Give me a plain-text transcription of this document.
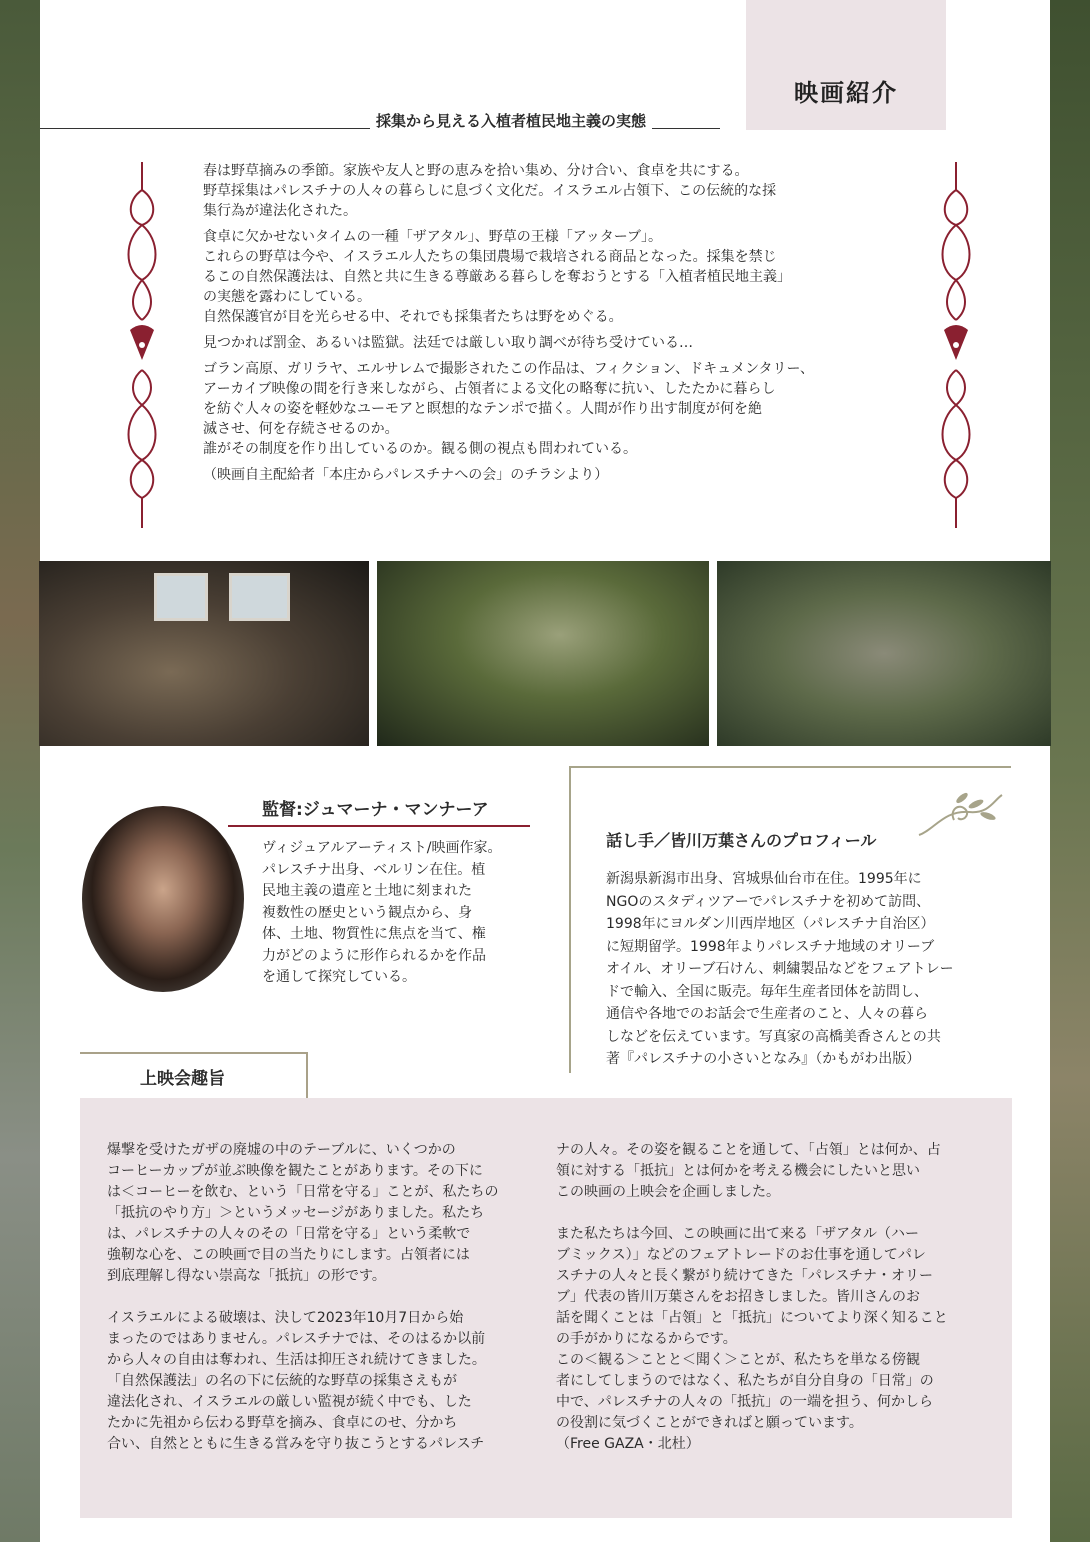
映画紹介
採集から見える入植者植民地主義の実態

春は野草摘みの季節。家族や友人と野の恵みを拾い集め、分け合い、食卓を共にする。
野草採集はパレスチナの人々の暮らしに息づく文化だ。イスラエル占領下、この伝統的な採
集行為が違法化された。

食卓に欠かせないタイムの一種「ザアタル」、野草の王様「アッターブ」。
これらの野草は今や、イスラエル人たちの集団農場で栽培される商品となった。採集を禁じ
るこの自然保護法は、自然と共に生きる尊厳ある暮らしを奪おうとする「入植者植民地主義」
の実態を露わにしている。
自然保護官が目を光らせる中、それでも採集者たちは野をめぐる。

見つかれば罰金、あるいは監獄。法廷では厳しい取り調べが待ち受けている…

ゴラン高原、ガリラヤ、エルサレムで撮影されたこの作品は、フィクション、ドキュメンタリー、
アーカイブ映像の間を行き来しながら、占領者による文化の略奪に抗い、したたかに暮らし
を紡ぐ人々の姿を軽妙なユーモアと瞑想的なテンポで描く。人間が作り出す制度が何を絶
滅させ、何を存続させるのか。
誰がその制度を作り出しているのか。観る側の視点も問われている。

（映画自主配給者「本庄からパレスチナへの会」のチラシより）

監督:ジュマーナ・マンナーア
ヴィジュアルアーティスト/映画作家。
パレスチナ出身、ベルリン在住。植
民地主義の遺産と土地に刻まれた
複数性の歴史という観点から、身
体、土地、物質性に焦点を当て、権
力がどのように形作られるかを作品
を通して探究している。
話し手／皆川万葉さんのプロフィール
新潟県新潟市出身、宮城県仙台市在住。1995年に
NGOのスタディツアーでパレスチナを初めて訪問、
1998年にヨルダン川西岸地区（パレスチナ自治区）
に短期留学。1998年よりパレスチナ地域のオリーブ
オイル、オリーブ石けん、刺繍製品などをフェアトレー
ドで輸入、全国に販売。毎年生産者団体を訪問し、
通信や各地でのお話会で生産者のこと、人々の暮ら
しなどを伝えています。写真家の高橋美香さんとの共
著『パレスチナの小さいとなみ』（かもがわ出版）
上映会趣旨

爆撃を受けたガザの廃墟の中のテーブルに、いくつかの
コーヒーカップが並ぶ映像を観たことがあります。その下に
は＜コーヒーを飲む、という「日常を守る」ことが、私たちの
「抵抗のやり方」＞というメッセージがありました。私たち
は、パレスチナの人々のその「日常を守る」という柔軟で
強靭な心を、この映画で目の当たりにします。占領者には
到底理解し得ない崇高な「抵抗」の形です。

イスラエルによる破壊は、決して2023年10月7日から始
まったのではありません。パレスチナでは、そのはるか以前
から人々の自由は奪われ、生活は抑圧され続けてきました。
「自然保護法」の名の下に伝統的な野草の採集さえもが
違法化され、イスラエルの厳しい監視が続く中でも、した
たかに先祖から伝わる野草を摘み、食卓にのせ、分かち
合い、自然とともに生きる営みを守り抜こうとするパレスチ

ナの人々。その姿を観ることを通して、「占領」とは何か、占
領に対する「抵抗」とは何かを考える機会にしたいと思い
この映画の上映会を企画しました。

また私たちは今回、この映画に出て来る「ザアタル（ハー
ブミックス）」などのフェアトレードのお仕事を通してパレ
スチナの人々と長く繋がり続けてきた「パレスチナ・オリー
ブ」代表の皆川万葉さんをお招きしました。皆川さんのお
話を聞くことは「占領」と「抵抗」についてより深く知ること
の手がかりになるからです。
この＜観る＞ことと＜聞く＞ことが、私たちを単なる傍観
者にしてしまうのではなく、私たちが自分自身の「日常」の
中で、パレスチナの人々の「抵抗」の一端を担う、何かしら
の役割に気づくことができればと願っています。
（Free GAZA・北杜）
